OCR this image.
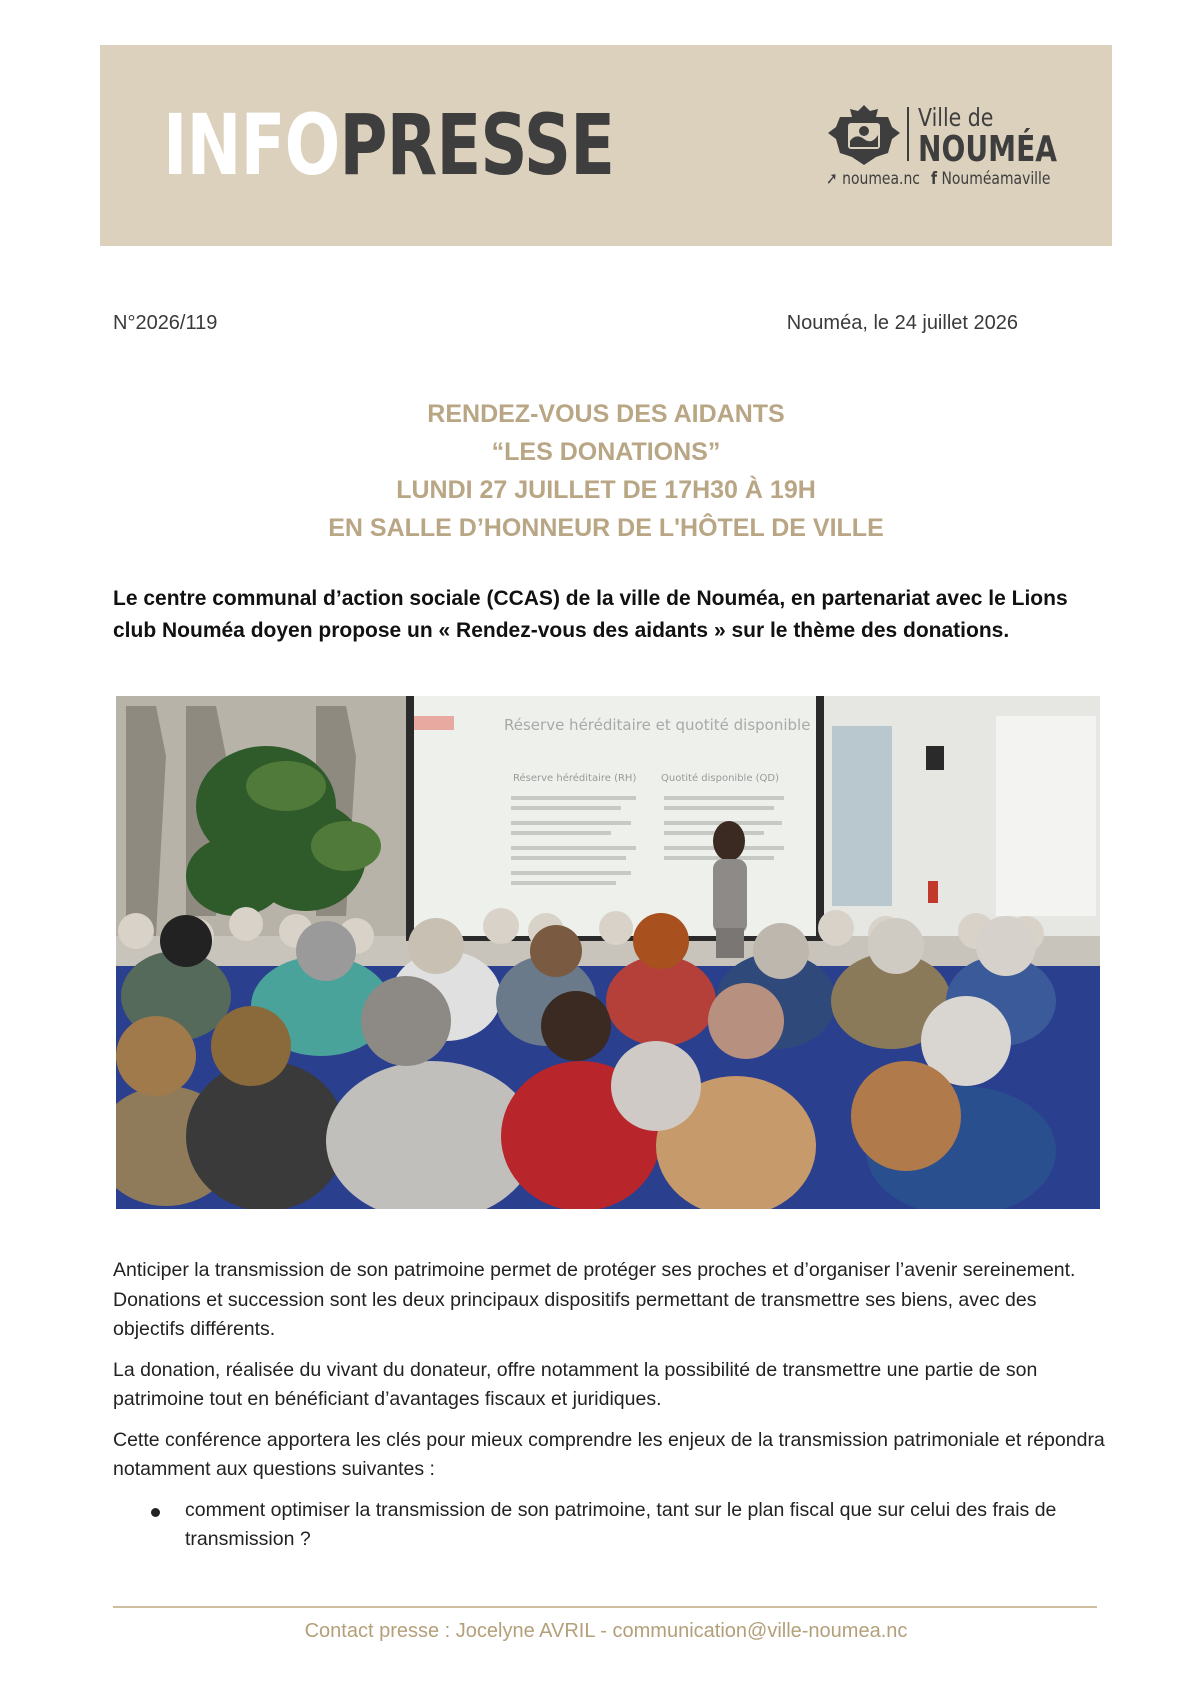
INFOPRESSE	Ville de
NOUMÉA
➚ noumea.nc f Nouméamaville
N°2026/119	Nouméa, le 24 juillet 2026
RENDEZ-VOUS DES AIDANTS
“LES DONATIONS”
LUNDI 27 JUILLET DE 17H30 À 19H
EN SALLE D’HONNEUR DE L'HÔTEL DE VILLE
Le centre communal d’action sociale (CCAS) de la ville de Nouméa, en partenariat avec le Lions club Nouméa doyen propose un « Rendez-vous des aidants » sur le thème des donations.
Réserve héréditaire et quotité disponible
Réserve héréditaire (RH) Quotité disponible (QD)

Anticiper la transmission de son patrimoine permet de protéger ses proches et d’organiser l’avenir sereinement. Donations et succession sont les deux principaux dispositifs permettant de transmettre ses biens, avec des objectifs différents.

La donation, réalisée du vivant du donateur, offre notamment la possibilité de transmettre une partie de son patrimoine tout en bénéficiant d’avantages fiscaux et juridiques.

Cette conférence apportera les clés pour mieux comprendre les enjeux de la transmission patrimoniale et répondra notamment aux questions suivantes :

comment optimiser la transmission de son patrimoine, tant sur le plan fiscal que sur celui des frais de transmission ?
Contact presse : Jocelyne AVRIL - communication@ville-noumea.nc
